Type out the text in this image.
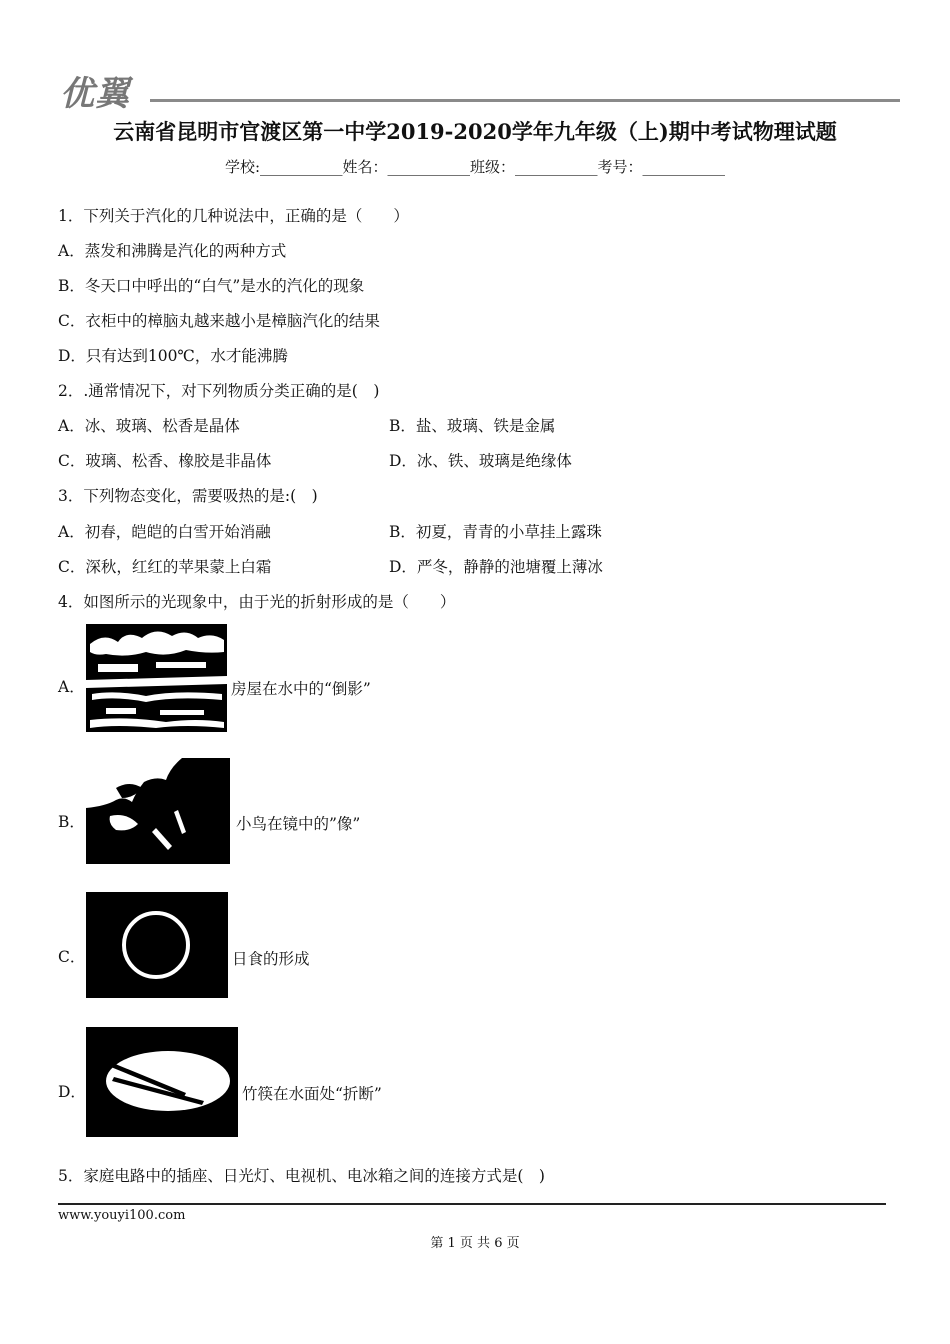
优翼
云南省昆明市官渡区第一中学2019-2020学年九年级（上)期中考试物理试题
学校:___________姓名：___________班级：___________考号：___________
1．下列关于汽化的几种说法中，正确的是（　　）
A．蒸发和沸腾是汽化的两种方式
B．冬天口中呼出的“白气”是水的汽化的现象
C．衣柜中的樟脑丸越来越小是樟脑汽化的结果
D．只有达到100℃，水才能沸腾
2．.通常情况下，对下列物质分类正确的是(　)
A．冰、玻璃、松香是晶体	B．盐、玻璃、铁是金属
C．玻璃、松香、橡胶是非晶体	D．冰、铁、玻璃是绝缘体
3．下列物态变化，需要吸热的是:(　)
A．初春，皑皑的白雪开始消融	B．初夏，青青的小草挂上露珠
C．深秋，红红的苹果蒙上白霜	D．严冬，静静的池塘覆上薄冰
4．如图所示的光现象中，由于光的折射形成的是（　　）
A．	房屋在水中的“倒影”
B．	小鸟在镜中的”像”
C．	日食的形成
D．	竹筷在水面处“折断”
5．家庭电路中的插座、日光灯、电视机、电冰箱之间的连接方式是(　)
www.youyi100.com
第 1 页 共 6 页
